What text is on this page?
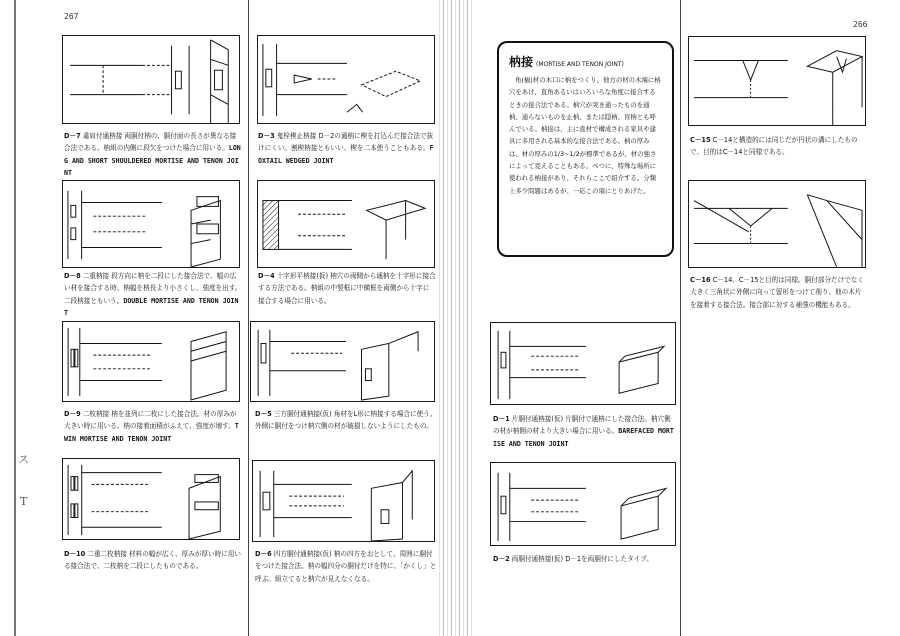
267
266
ス
T
D－7 違肩付通枘接 両胴付枘の、胴付面の長さが異なる接合法である。枘組の内側に段欠をつけた場合に用いる。LONG AND SHORT SHOULDERED MORTISE AND TENON JOINT
D－8 二重枘接 段方向に枘を二段にした接合法で、幅の広い材を接合する時、枘幅を枘長より小さくし、強度を出す。二段枘接ともいう。DOUBLE MORTISE AND TENON JOINT
D－9 二枚枘接 枘を並列に二枚にした接合法。材の厚みが大きい時に用いる。枘の接着面積がふえて、強度が増す。TWIN MORTISE AND TENON JOINT
D－10 二重二枚枘接 材料の幅が広く、厚みが厚い時に用いる接合法で、二枚枘を二段にしたものである。
D－3 鬼栓楔止枘接 D－2の通枘に楔を打込んだ接合法で抜けにくい。割楔枘接ともいい、楔を二本使うこともある。FOXTAIL WEDGED JOINT
D－4 十字形平枘接(仮) 枘穴の両側から通枘を十字形に接合する方法である。枘組の中竪框に中横框を両側から十字に接合する場合に用いる。
D－5 三方胴付通枘接(仮) 角材をL形に枘接する場合に使う。外側に胴付をつけ枘穴側の材が破損しないようにしたもの。
D－6 四方胴付通枘接(仮) 枘の四方をおとして、周囲に胴付をつけた接合法。枘の幅四分の胴付だけを特に、「かくし」と呼ぶ。組立てると枘穴が見えなくなる。
枘接 (MORTISE AND TENON JOINT)

角(栭)材の木口に枘をつくり、他方の材の木端に枘穴をあけ、直角あるいはいろいろな角度に接合するときの接合法である。枘穴が突き通ったものを通枘、通らないものを止枘、または隠枘、盲枘とも呼んでいる。枘接は、主に直材で構成される家具や建具に多用される基本的な接合法である。枘の厚みは、材の厚みの1/3~1/2が標準であるが、材の強さによって変えることもある。ぺつに、特殊な場所に使われる枘接があり、それらここで紹介する。分類上多少問題はあるが、一応この項にとりあげた。

D－1 片胴付通枘接(仮) 片胴付で通枘にした接合法。枘穴側の材が枘側の材より大きい場合に用いる。BAREFACED MORTISE AND TENON JOINT
D－2 両胴付通枘接(仮) D－1を両胴付にしたタイプ。
C－15 C－14と構造的には同じだが円状の溝にしたもので、目的はC－14と同様である。
C－16 C－14、C－15と目的は同様。胴付部分だけでなく大きく三角状に外側に向って留形をつけて削り、他の木片を接着する接合法。接合部に対する補強の機能もある。
